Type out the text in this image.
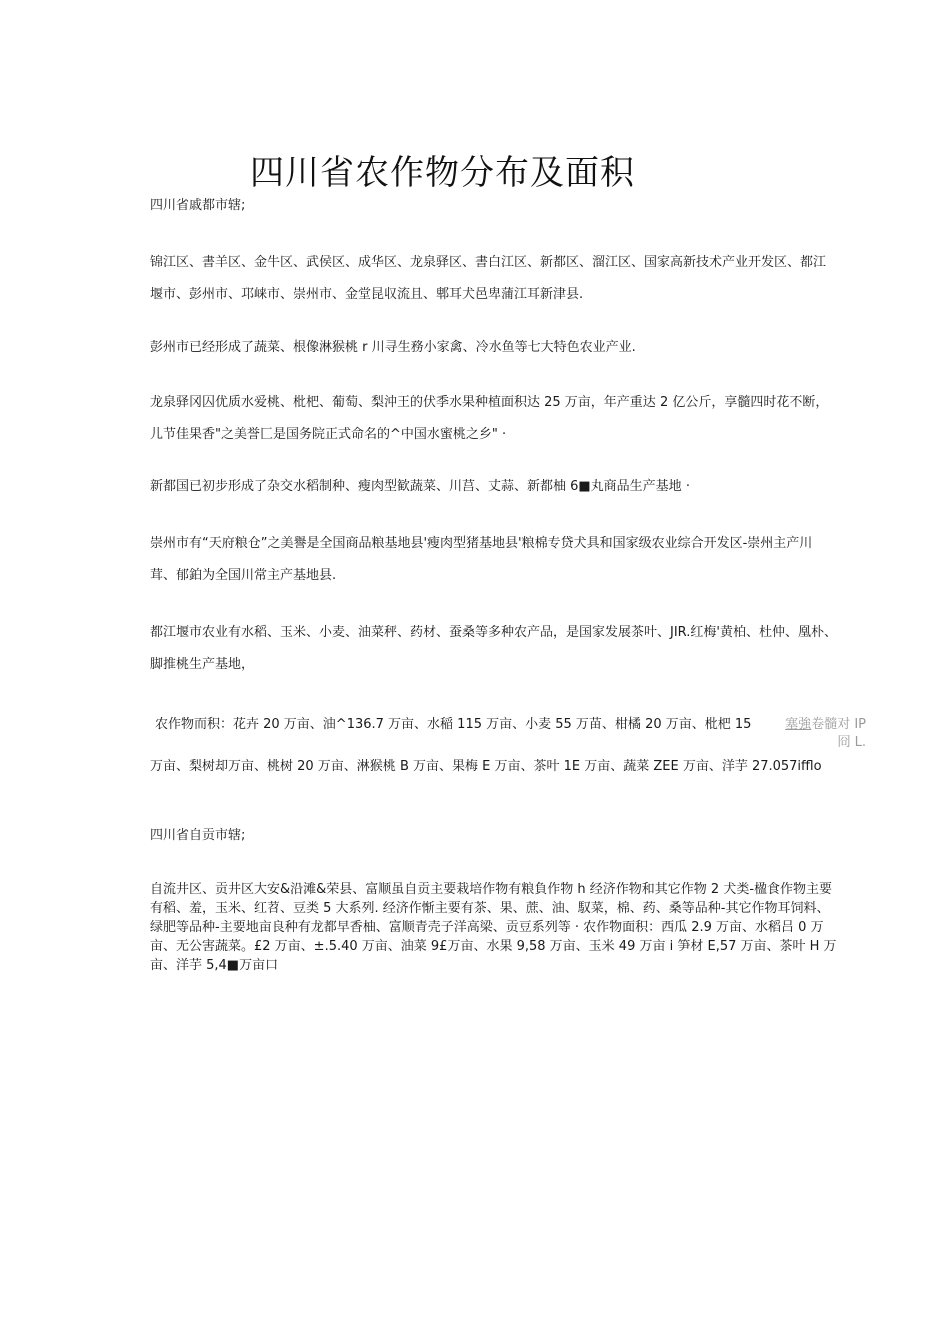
四川省农作物分布及面积
四川省戚都市辖;
锦江区、書羊区、金牛区、武侯区、成华区、龙泉驿区、書白江区、新都区、溜江区、国家高新技术产业开发区、都江
堰市、彭州市、邛崃市、崇州市、金堂昆収流且、郫耳犬邑卑蒲江耳新津县.
彭州市已经形成了蔬菜、根像淋猴桃 r 川寻生務小家禽、冷水鱼等七大特色农业产业.
龙泉驿冈囚优质水爱桃、枇杷、葡萄、梨沖王的伏季水果种植面积达 25 万亩，年产重达 2 亿公斤，享髓四时花不断，
儿节佳果香"之美誉匚是国务院正式命名的^中国水蜜桃之乡" ·
新都国已初步形成了杂交水稻制种、瘦肉型歓蔬菜、川莒、丈蒜、新都柚 6■丸商品生产基地 ·
崇州市有“天府粮仓”之美譽是全国商品粮基地县'瘦肉型猪基地县'粮棉专贷犬具和国家级农业综合开发区-崇州主产川
茸、郁鉑为全国川常主产基地县.
都江堰市农业有水稻、玉米、小麦、油菜秤、药材、蚕桑等多种农产品，是国家发展茶叶、JIR.红梅'黄柏、杜仲、凰朴、
脚推桃生产基地，
农作物而积：花卉 20 万亩、油^136.7 万亩、水稲 115 万亩、小麦 55 万苗、柑橘 20 万亩、枇杷 15
万亩、梨树却万亩、桃树 20 万亩、淋猴桃 B 万亩、果梅 E 万亩、茶叶 1E 万亩、蔬菜 ZEE 万亩、洋芋 27.057ifflo
塞強卷髓对 IP
冏 L.
四川省自贡市辖;
自流井区、贡井区大安&沿滩&荣县、富顺虽自贡主要栽培作物有粮負作物 h 经济作物和其它作物 2 犬类-楹食作物主要
有稻、羞，玉米、红苕、豆类 5 大系列. 经济作惭主要有茶、果、蔗、油、馭菜，棉、药、桑等品种-其它作物耳饲料、
绿肥等品种-主要地亩良种有龙都早香柚、富顺青壳子洋高梁、贡豆系列等 · 农作物面积：西瓜 2.9 万亩、水稻吕 0 万
亩、无公害蔬菜。£2 万亩、±.5.40 万亩、油菜 9£万亩、水果 9,58 万亩、玉米 49 万亩 i 笋材 E,57 万亩、茶叶 H 万
亩、洋芋 5,4■万亩口
